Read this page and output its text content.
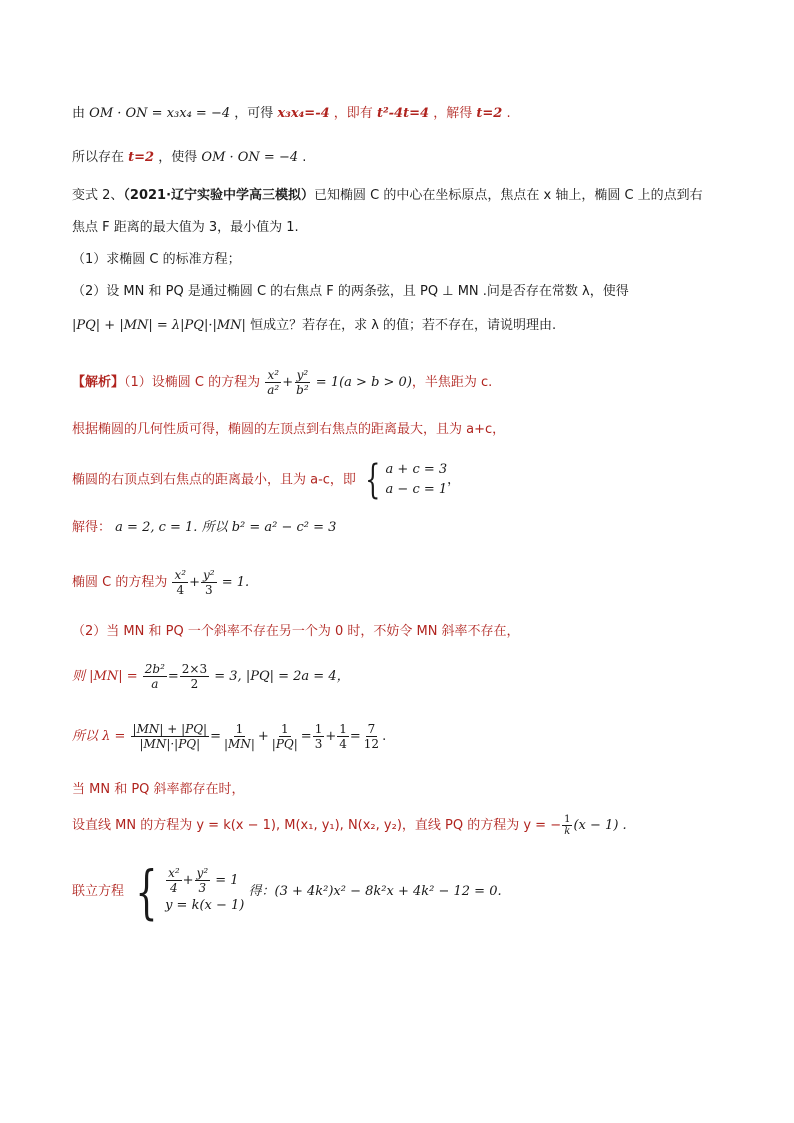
由 OM · ON = x₃x₄ = −4 ，可得 x₃x₄=-4 ，即有 t²-4t=4 ，解得 t=2 .
所以存在 t=2 ，使得 OM · ON = −4 .
变式 2、（2021·辽宁实验中学高三模拟）已知椭圆 C 的中心在坐标原点，焦点在 x 轴上，椭圆 C 上的点到右
焦点 F 距离的最大值为 3，最小值为 1.
（1）求椭圆 C 的标准方程；
（2）设 MN 和 PQ 是通过椭圆 C 的右焦点 F 的两条弦，且 PQ ⊥ MN .问是否存在常数 λ，使得
|PQ| + |MN| = λ|PQ|·|MN| 恒成立？若存在，求 λ 的值；若不存在，请说明理由.
【解析】（1）设椭圆 C 的方程为 $\frac{\text{x²}}{\text{a²}} + \frac{\text{y²}}{\text{b²}} = 1(a > b > 0)$，半焦距为 c.
根据椭圆的几何性质可得，椭圆的左顶点到右焦点的距离最大，且为 a+c，
椭圆的右顶点到右焦点的距离最小，且为 a-c，即 { a + c = 3
a − c = 1
，
解得： a = 2, c = 1. 所以 b² = a² − c² = 3
椭圆 C 的方程为 $\frac{\text{x²}}{4} + \frac{\text{y²}}{3} = 1$.
（2）当 MN 和 PQ 一个斜率不存在另一个为 0 时，不妨令 MN 斜率不存在，
则 $|MN| = \frac{\text{2b²}}{a} = \frac{2\times 3}{2} = 3$, |PQ| = 2a = 4，
所以 $\lambda = \frac{|MN| + |PQ|}{|MN|\cdot|PQ|} = \frac{1}{|MN|} + \frac{1}{|PQ|} = \frac{1}{3} + \frac{1}{4} = \frac{7}{12}$ .
当 MN 和 PQ 斜率都存在时，
设直线 MN 的方程为 y = k(x − 1), M(x₁, y₁), N(x₂, y₂)，直线 PQ 的方程为 y = − $\frac{1}{k} (x - 1)$ .
联立方程 { $\frac{\text{x²}}{4} + \frac{\text{y²}}{3} = 1$
y = k(x − 1)
得：(3 + 4k²)x² − 8k²x + 4k² − 12 = 0.
